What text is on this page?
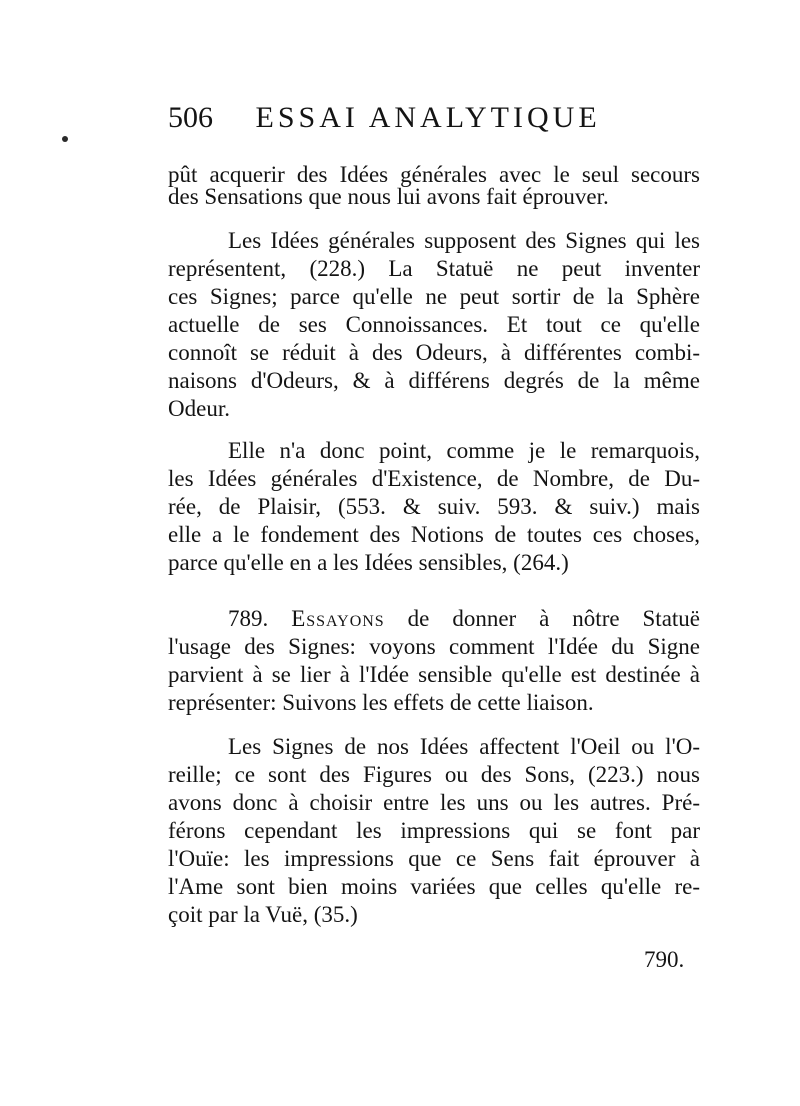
506 ESSAI ANALYTIQUE
pût acquerir des Idées générales avec le seul secours
des Sensations que nous lui avons fait éprouver.
Les Idées générales supposent des Signes qui les
représentent, (228.) La Statuë ne peut inventer
ces Signes; parce qu'elle ne peut sortir de la Sphère
actuelle de ses Connoissances. Et tout ce qu'elle
connoît se réduit à des Odeurs, à différentes combi-
naisons d'Odeurs, & à différens degrés de la même
Odeur.
Elle n'a donc point, comme je le remarquois,
les Idées générales d'Existence, de Nombre, de Du-
rée, de Plaisir, (553. & suiv. 593. & suiv.) mais
elle a le fondement des Notions de toutes ces choses,
parce qu'elle en a les Idées sensibles, (264.)
789. Essayons de donner à nôtre Statuë
l'usage des Signes: voyons comment l'Idée du Signe
parvient à se lier à l'Idée sensible qu'elle est destinée à
représenter: Suivons les effets de cette liaison.
Les Signes de nos Idées affectent l'Oeil ou l'O-
reille; ce sont des Figures ou des Sons, (223.) nous
avons donc à choisir entre les uns ou les autres. Pré-
férons cependant les impressions qui se font par
l'Ouïe: les impressions que ce Sens fait éprouver à
l'Ame sont bien moins variées que celles qu'elle re-
çoit par la Vuë, (35.)
790.
